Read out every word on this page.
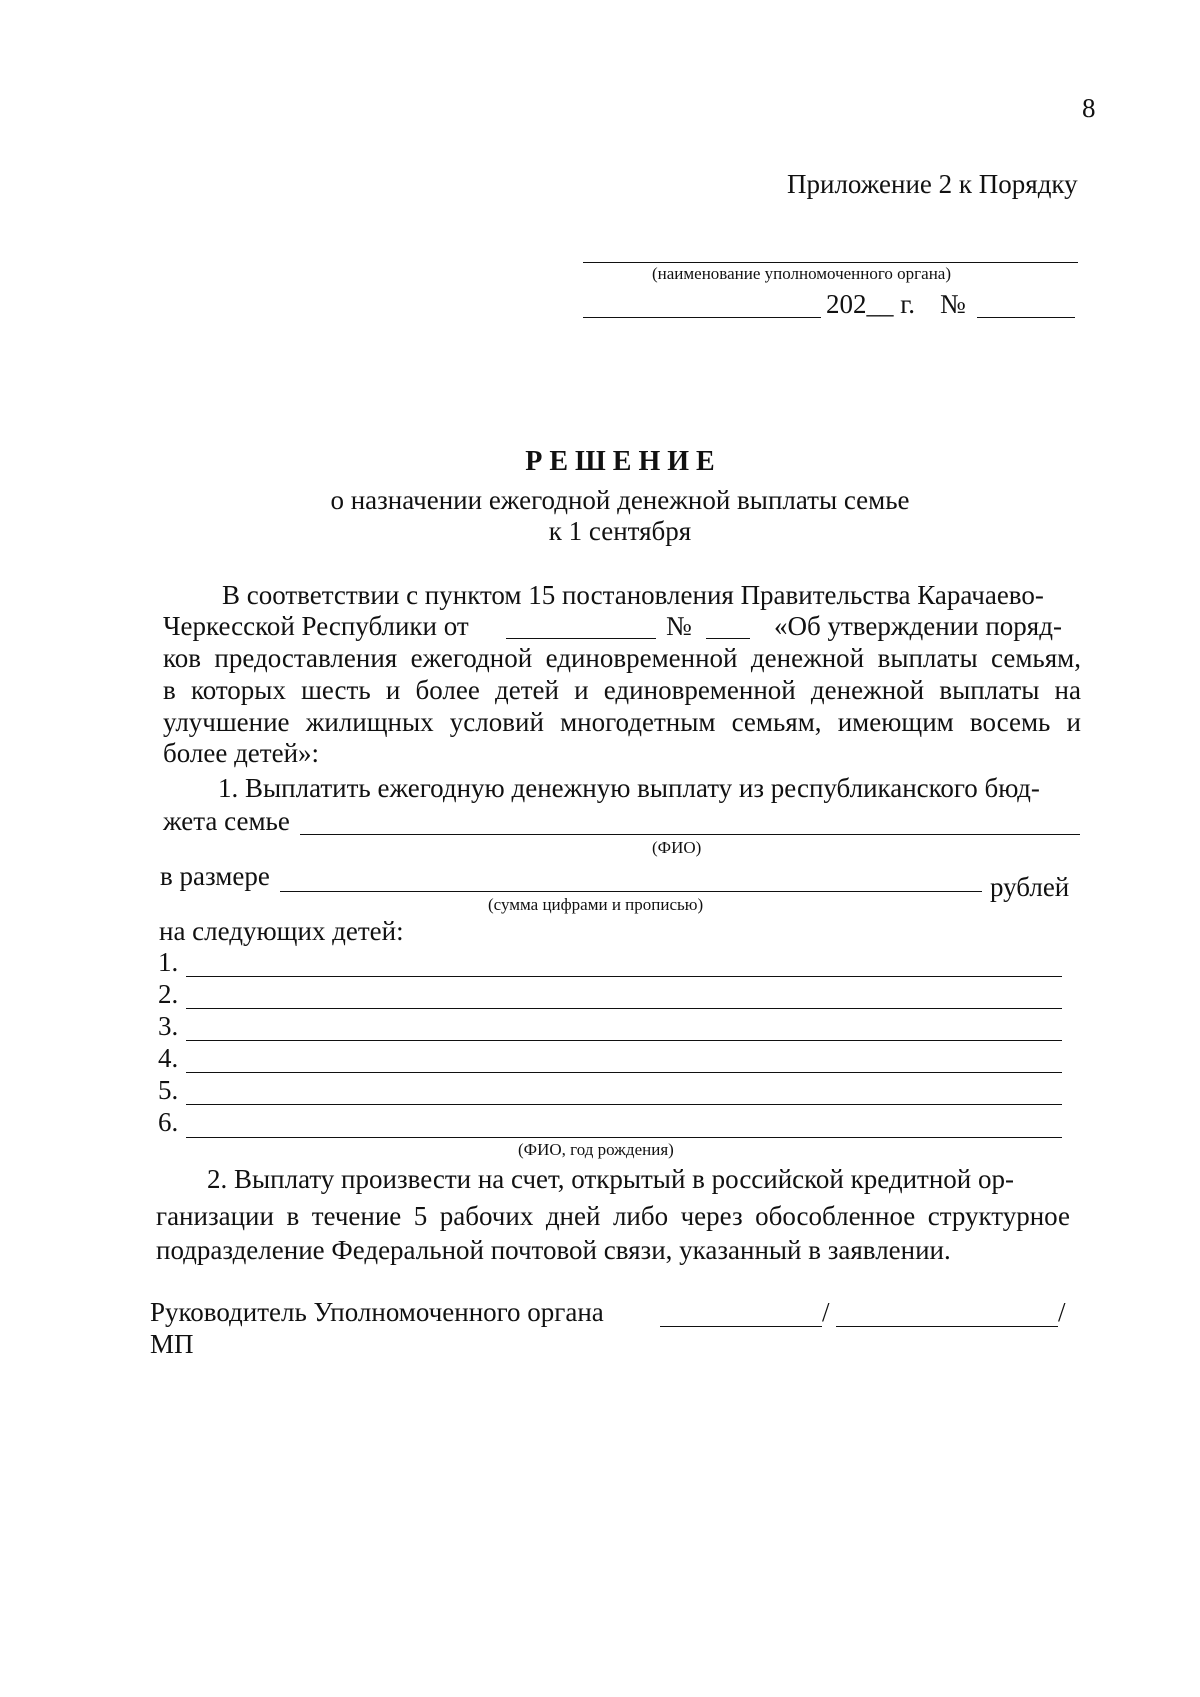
8
Приложение 2 к Порядку
(наименование уполномоченного органа)
202__ г. №
Р Е Ш Е Н И Е
о назначении ежегодной денежной выплаты семье
к 1 сентября
В соответствии с пунктом 15 постановления Правительства Карачаево-
Черкесской Республики от	№	«Об утверждении поряд-
ков предоставления ежегодной единовременной денежной выплаты семьям,
в которых шесть и более детей и единовременной денежной выплаты на
улучшение жилищных условий многодетным семьям, имеющим восемь и
более детей»:
1. Выплатить ежегодную денежную выплату из республиканского бюд-
жета семье
(ФИО)
в размере	рублей
(сумма цифрами и прописью)
на следующих детей:
1.
2.
3.
4.
5.
6.
(ФИО, год рождения)
2. Выплату произвести на счет, открытый в российской кредитной ор-
ганизации в течение 5 рабочих дней либо через обособленное структурное
подразделение Федеральной почтовой связи, указанный в заявлении.
Руководитель Уполномоченного органа	/	/
МП
